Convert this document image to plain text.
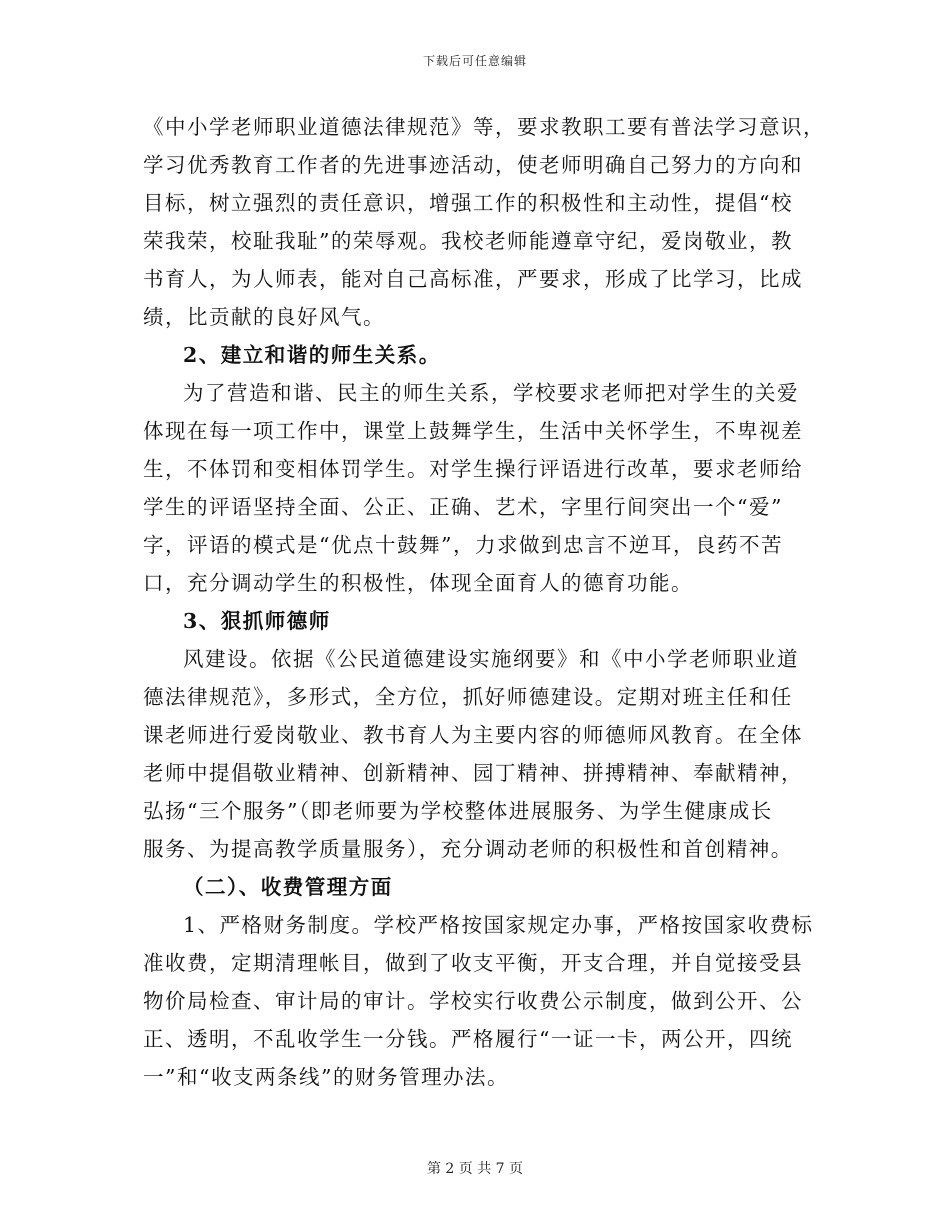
下载后可任意编辑
《中小学老师职业道德法律规范》等，要求教职工要有普法学习意识，
学习优秀教育工作者的先进事迹活动，使老师明确自己努力的方向和
目标，树立强烈的责任意识，增强工作的积极性和主动性，提倡“校
荣我荣，校耻我耻”的荣辱观。我校老师能遵章守纪，爱岗敬业，教
书育人，为人师表，能对自己高标准，严要求，形成了比学习，比成
绩，比贡献的良好风气。
2、建立和谐的师生关系。
为了营造和谐、民主的师生关系，学校要求老师把对学生的关爱
体现在每一项工作中，课堂上鼓舞学生，生活中关怀学生，不卑视差
生，不体罚和变相体罚学生。对学生操行评语进行改革，要求老师给
学生的评语坚持全面、公正、正确、艺术，字里行间突出一个“爱”
字，评语的模式是“优点十鼓舞”，力求做到忠言不逆耳，良药不苦
口，充分调动学生的积极性，体现全面育人的德育功能。
3、狠抓师德师
风建设。依据《公民道德建设实施纲要》和《中小学老师职业道
德法律规范》，多形式，全方位，抓好师德建设。定期对班主任和任
课老师进行爱岗敬业、教书育人为主要内容的师德师风教育。在全体
老师中提倡敬业精神、创新精神、园丁精神、拼搏精神、奉献精神，
弘扬“三个服务”（即老师要为学校整体进展服务、为学生健康成长
服务、为提高教学质量服务），充分调动老师的积极性和首创精神。
（二）、收费管理方面
1、严格财务制度。学校严格按国家规定办事，严格按国家收费标
准收费，定期清理帐目，做到了收支平衡，开支合理，并自觉接受县
物价局检查、审计局的审计。学校实行收费公示制度，做到公开、公
正、透明，不乱收学生一分钱。严格履行“一证一卡，两公开，四统
一”和“收支两条线”的财务管理办法。
第 2 页 共 7 页
